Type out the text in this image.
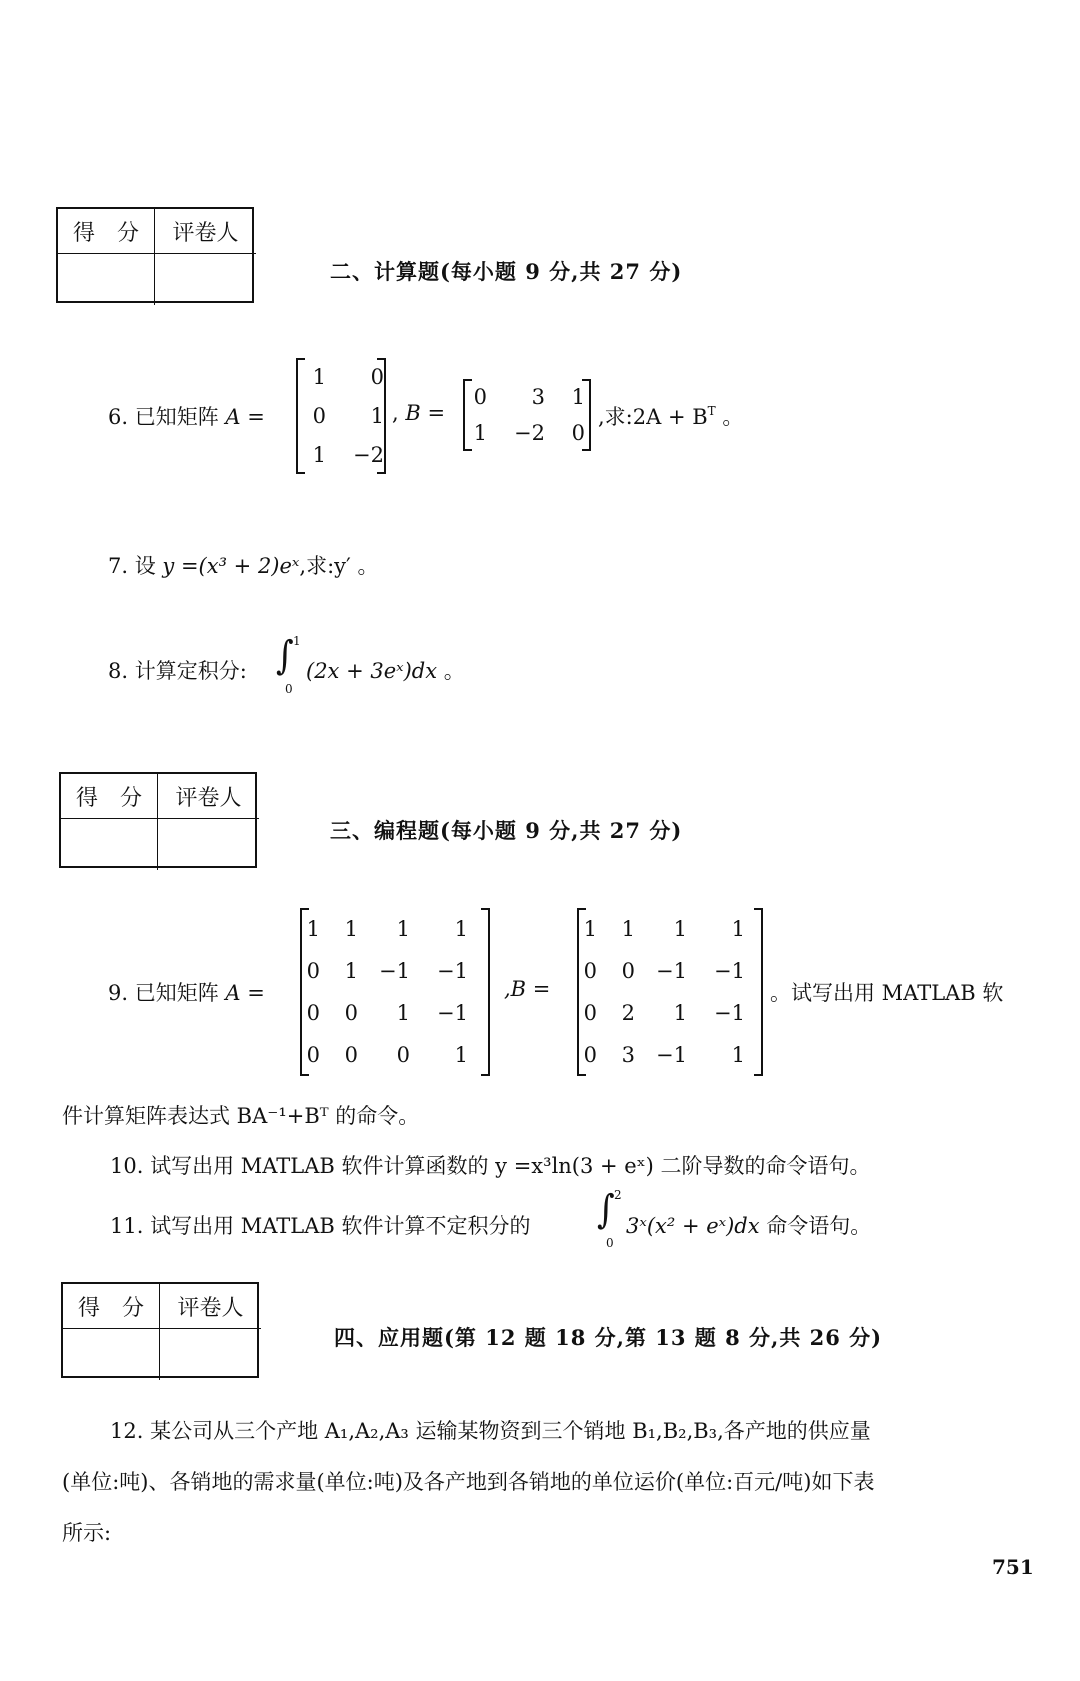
得　分	评卷人
二、计算题(每小题 9 分,共 27 分)
6. 已知矩阵 A =
1 0
0 1
1 −2
, B =
0 3 1
1 −2 0
,求:2A + $B^T$ 。
7. 设 y =(x³ + 2)eˣ,求:y′ 。
8. 计算定积分: ∫ 1
0
(2x + 3eˣ)dx 。
得　分	评卷人
三、编程题(每小题 9 分,共 27 分)
9. 已知矩阵 A =
1 1 1 1
0 1 −1 −1
0 0 1 −1
0 0 0 1
,B =
1 1 1 1
0 0 −1 −1
0 2 1 −1
0 3 −1 1
。试写出用 MATLAB 软
件计算矩阵表达式 BA⁻¹+Bᵀ 的命令。
10. 试写出用 MATLAB 软件计算函数的 y =x³ln(3 + eˣ) 二阶导数的命令语句。
11. 试写出用 MATLAB 软件计算不定积分的 ∫ 2
0
3ˣ(x² + eˣ)dx 命令语句。
得　分	评卷人
四、应用题(第 12 题 18 分,第 13 题 8 分,共 26 分)
12. 某公司从三个产地 A₁,A₂,A₃ 运输某物资到三个销地 B₁,B₂,B₃,各产地的供应量
(单位:吨)、各销地的需求量(单位:吨)及各产地到各销地的单位运价(单位:百元/吨)如下表
所示:
751
